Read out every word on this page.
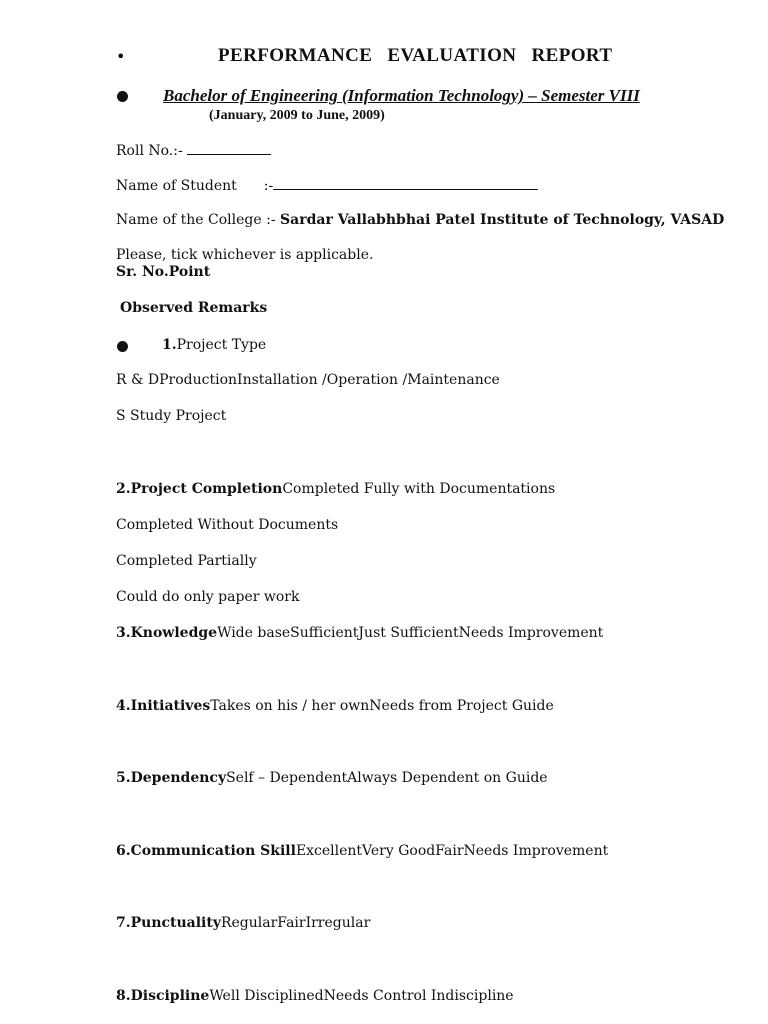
•	PERFORMANCE EVALUATION REPORT
Bachelor of Engineering (Information Technology) – Semester VIII
(January, 2009 to June, 2009)
Roll No.:-
Name of Student :-
Name of the College :- Sardar Vallabhbhai Patel Institute of Technology, VASAD
Please, tick whichever is applicable.
Sr. No.Point
Observed Remarks
1.Project Type
R & DProductionInstallation /Operation /Maintenance
S Study Project
2.Project CompletionCompleted Fully with Documentations
Completed Without Documents
Completed Partially
Could do only paper work
3.KnowledgeWide baseSufficientJust SufficientNeeds Improvement
4.InitiativesTakes on his / her ownNeeds from Project Guide
5.DependencySelf – DependentAlways Dependent on Guide
6.Communication SkillExcellentVery GoodFairNeeds Improvement
7.PunctualityRegularFairIrregular
8.DisciplineWell DisciplinedNeeds Control Indiscipline
